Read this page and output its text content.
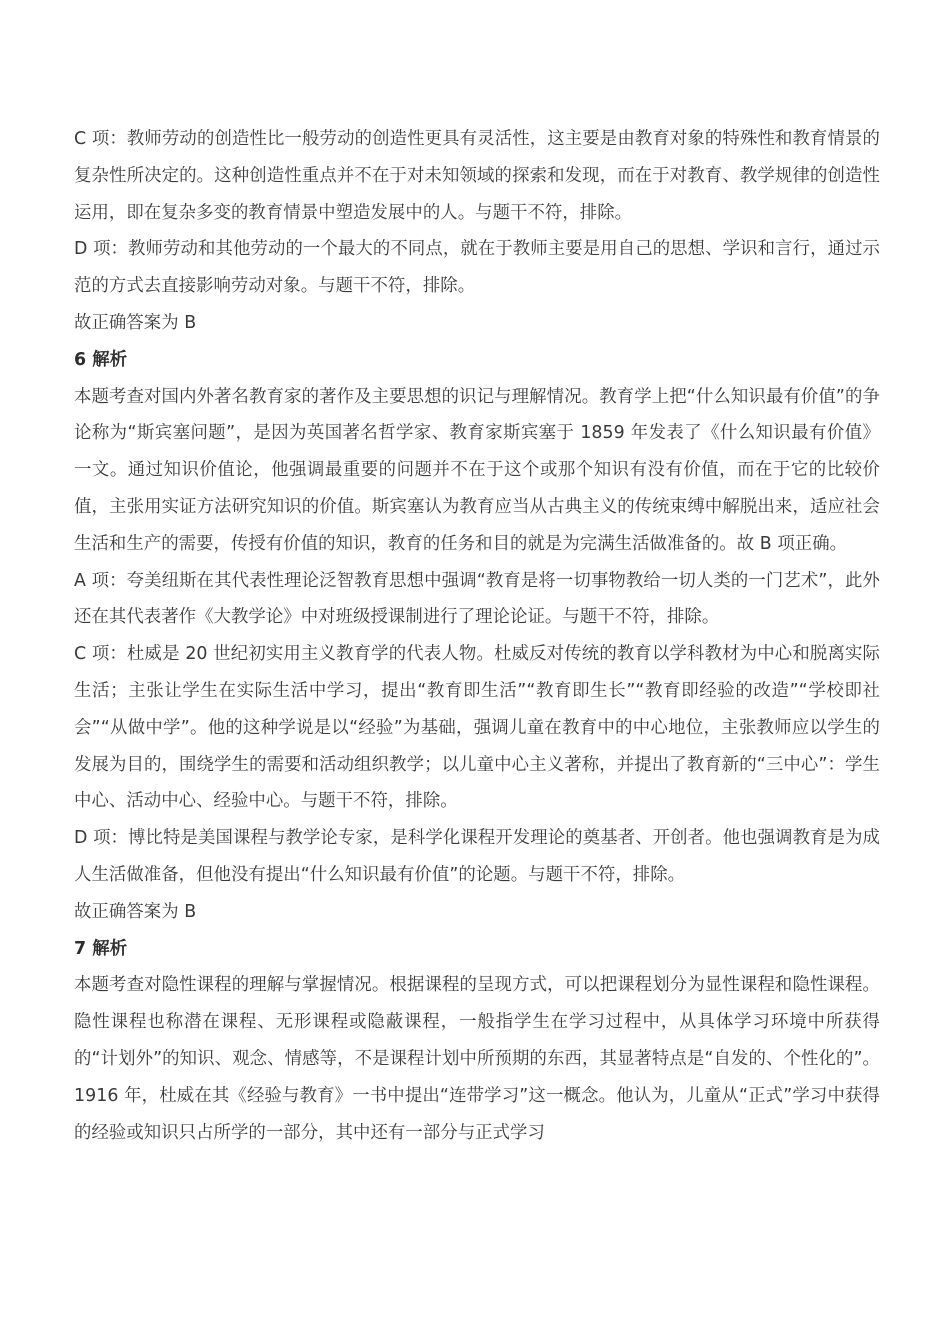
C 项：教师劳动的创造性比一般劳动的创造性更具有灵活性，这主要是由教育对象的特殊性和教育情景的复杂性所决定的。这种创造性重点并不在于对未知领域的探索和发现，而在于对教育、教学规律的创造性运用，即在复杂多变的教育情景中塑造发展中的人。与题干不符，排除。

D 项：教师劳动和其他劳动的一个最大的不同点，就在于教师主要是用自己的思想、学识和言行，通过示范的方式去直接影响劳动对象。与题干不符，排除。

故正确答案为 B

6 解析

本题考查对国内外著名教育家的著作及主要思想的识记与理解情况。教育学上把“什么知识最有价值”的争论称为“斯宾塞问题”，是因为英国著名哲学家、教育家斯宾塞于 1859 年发表了《什么知识最有价值》一文。通过知识价值论，他强调最重要的问题并不在于这个或那个知识有没有价值，而在于它的比较价值，主张用实证方法研究知识的价值。斯宾塞认为教育应当从古典主义的传统束缚中解脱出来，适应社会生活和生产的需要，传授有价值的知识，教育的任务和目的就是为完满生活做准备的。故 B 项正确。

A 项：夸美纽斯在其代表性理论泛智教育思想中强调“教育是将一切事物教给一切人类的一门艺术”，此外还在其代表著作《大教学论》中对班级授课制进行了理论论证。与题干不符，排除。

C 项：杜威是 20 世纪初实用主义教育学的代表人物。杜威反对传统的教育以学科教材为中心和脱离实际生活；主张让学生在实际生活中学习，提出“教育即生活”“教育即生长”“教育即经验的改造”“学校即社会”“从做中学”。他的这种学说是以“经验”为基础，强调儿童在教育中的中心地位，主张教师应以学生的发展为目的，围绕学生的需要和活动组织教学；以儿童中心主义著称，并提出了教育新的“三中心”：学生中心、活动中心、经验中心。与题干不符，排除。

D 项：博比特是美国课程与教学论专家，是科学化课程开发理论的奠基者、开创者。他也强调教育是为成人生活做准备，但他没有提出“什么知识最有价值”的论题。与题干不符，排除。

故正确答案为 B

7 解析

本题考查对隐性课程的理解与掌握情况。根据课程的呈现方式，可以把课程划分为显性课程和隐性课程。隐性课程也称潜在课程、无形课程或隐蔽课程，一般指学生在学习过程中，从具体学习环境中所获得的“计划外”的知识、观念、情感等，不是课程计划中所预期的东西，其显著特点是“自发的、个性化的”。1916 年，杜威在其《经验与教育》一书中提出“连带学习”这一概念。他认为，儿童从“正式”学习中获得的经验或知识只占所学的一部分，其中还有一部分与正式学习
